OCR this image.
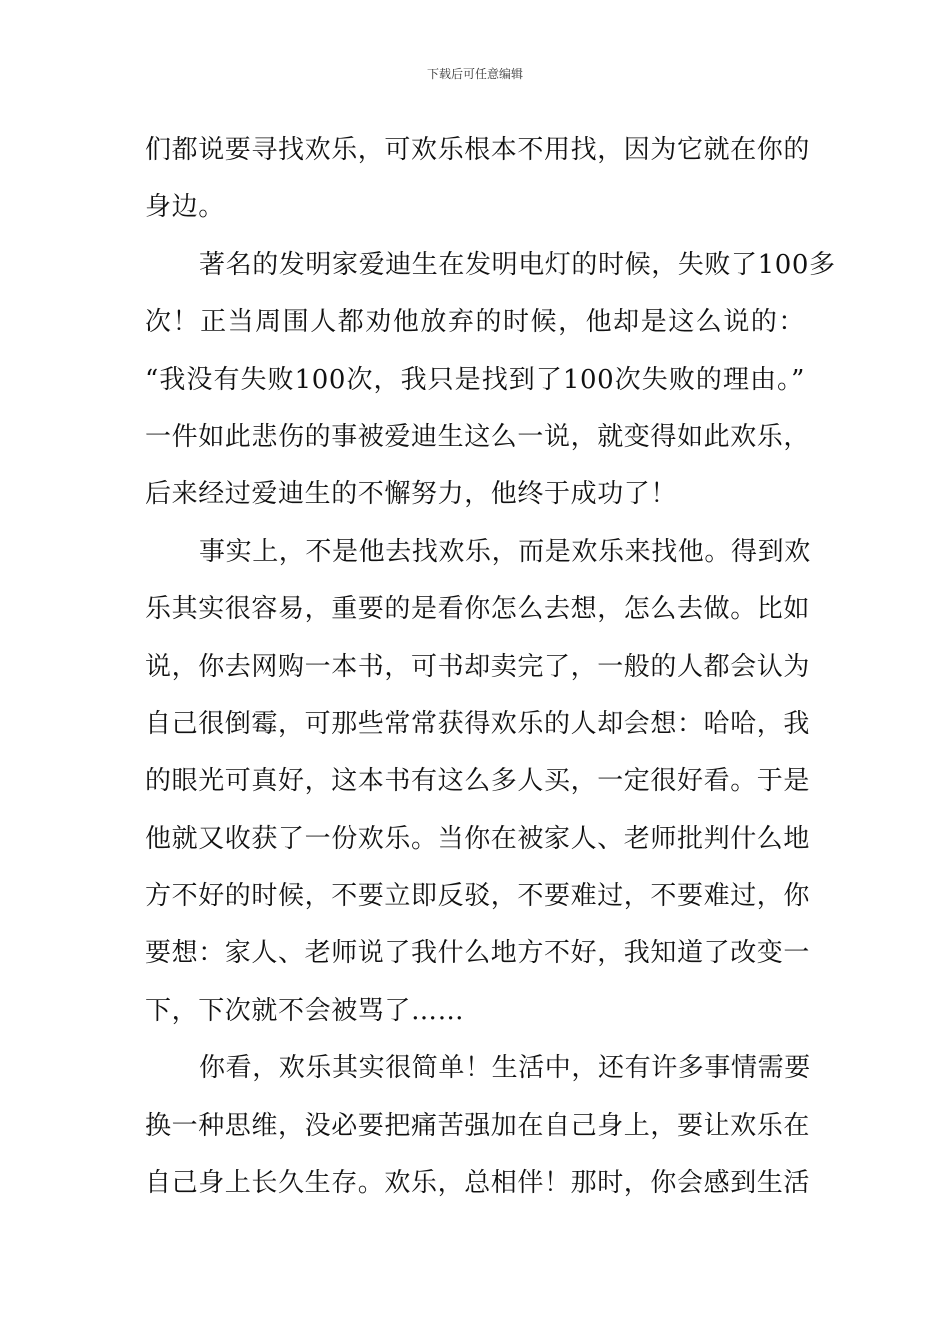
下载后可任意编辑
们都说要寻找欢乐，可欢乐根本不用找，因为它就在你的
身边。
著名的发明家爱迪生在发明电灯的时候，失败了100多
次！正当周围人都劝他放弃的时候，他却是这么说的：
“我没有失败100次，我只是找到了100次失败的理由。”
一件如此悲伤的事被爱迪生这么一说，就变得如此欢乐，
后来经过爱迪生的不懈努力，他终于成功了！
事实上，不是他去找欢乐，而是欢乐来找他。得到欢
乐其实很容易，重要的是看你怎么去想，怎么去做。比如
说，你去网购一本书，可书却卖完了，一般的人都会认为
自己很倒霉，可那些常常获得欢乐的人却会想：哈哈，我
的眼光可真好，这本书有这么多人买，一定很好看。于是
他就又收获了一份欢乐。当你在被家人、老师批判什么地
方不好的时候，不要立即反驳，不要难过，不要难过，你
要想：家人、老师说了我什么地方不好，我知道了改变一
下，下次就不会被骂了……
你看，欢乐其实很简单！生活中，还有许多事情需要
换一种思维，没必要把痛苦强加在自己身上，要让欢乐在
自己身上长久生存。欢乐，总相伴！那时，你会感到生活
